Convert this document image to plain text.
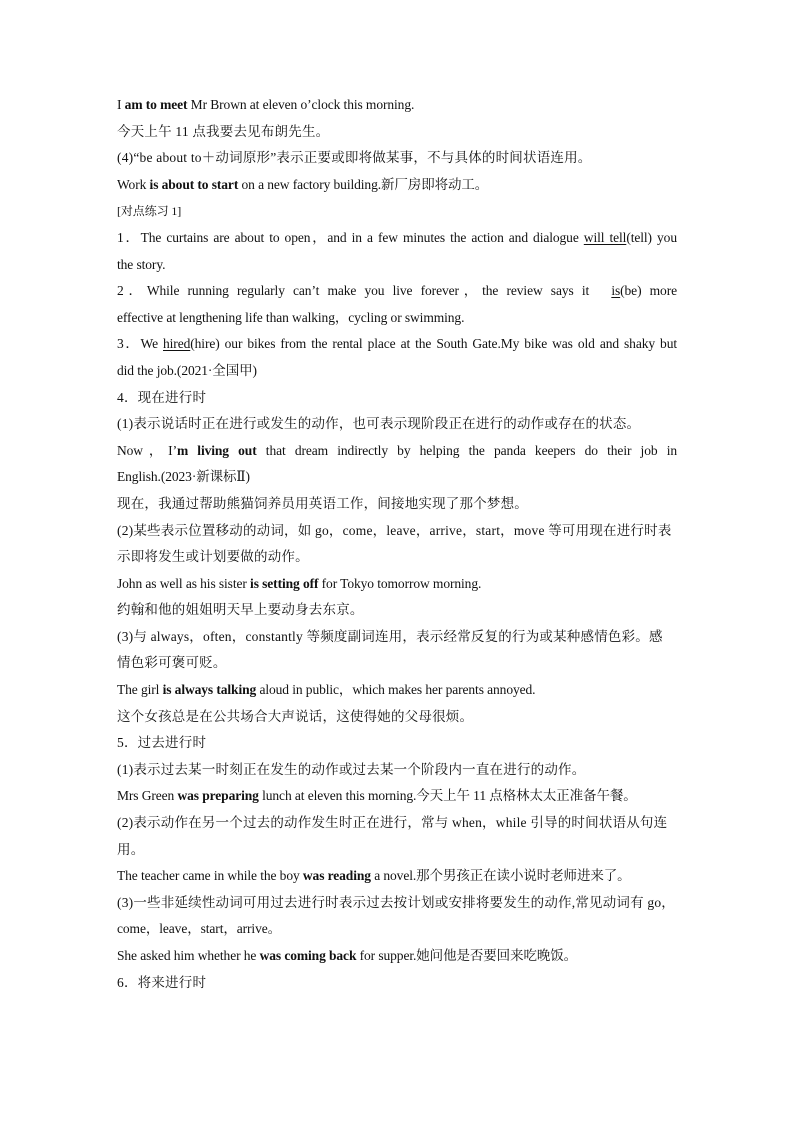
I am to meet Mr Brown at eleven o’clock this morning.
今天上午 11 点我要去见布朗先生。
(4)“be about to＋动词原形”表示正要或即将做某事，不与具体的时间状语连用。
Work is about to start on a new factory building.新厂房即将动工。
[对点练习 1]
1．The curtains are about to open，and in a few minutes the action and dialogue will tell(tell) you
the story.
2．While running regularly can’t make you live forever，the review says it is(be) more
effective at lengthening life than walking，cycling or swimming.
3．We hired(hire) our bikes from the rental place at the South Gate.My bike was old and shaky but
did the job.(2021·全国甲)
4．现在进行时
(1)表示说话时正在进行或发生的动作，也可表示现阶段正在进行的动作或存在的状态。
Now，I’m living out that dream indirectly by helping the panda keepers do their job in
English.(2023·新课标Ⅱ)
现在，我通过帮助熊猫饲养员用英语工作，间接地实现了那个梦想。
(2)某些表示位置移动的动词，如 go，come，leave，arrive，start，move 等可用现在进行时表
示即将发生或计划要做的动作。
John as well as his sister is setting off for Tokyo tomorrow morning.
约翰和他的姐姐明天早上要动身去东京。
(3)与 always，often，constantly 等频度副词连用，表示经常反复的行为或某种感情色彩。感
情色彩可褒可贬。
The girl is always talking aloud in public，which makes her parents annoyed.
这个女孩总是在公共场合大声说话，这使得她的父母很烦。
5．过去进行时
(1)表示过去某一时刻正在发生的动作或过去某一个阶段内一直在进行的动作。
Mrs Green was preparing lunch at eleven this morning.今天上午 11 点格林太太正准备午餐。
(2)表示动作在另一个过去的动作发生时正在进行，常与 when，while 引导的时间状语从句连
用。
The teacher came in while the boy was reading a novel.那个男孩正在读小说时老师进来了。
(3)一些非延续性动词可用过去进行时表示过去按计划或安排将要发生的动作,常见动词有 go，
come，leave，start，arrive。
She asked him whether he was coming back for supper.她问他是否要回来吃晚饭。
6．将来进行时
